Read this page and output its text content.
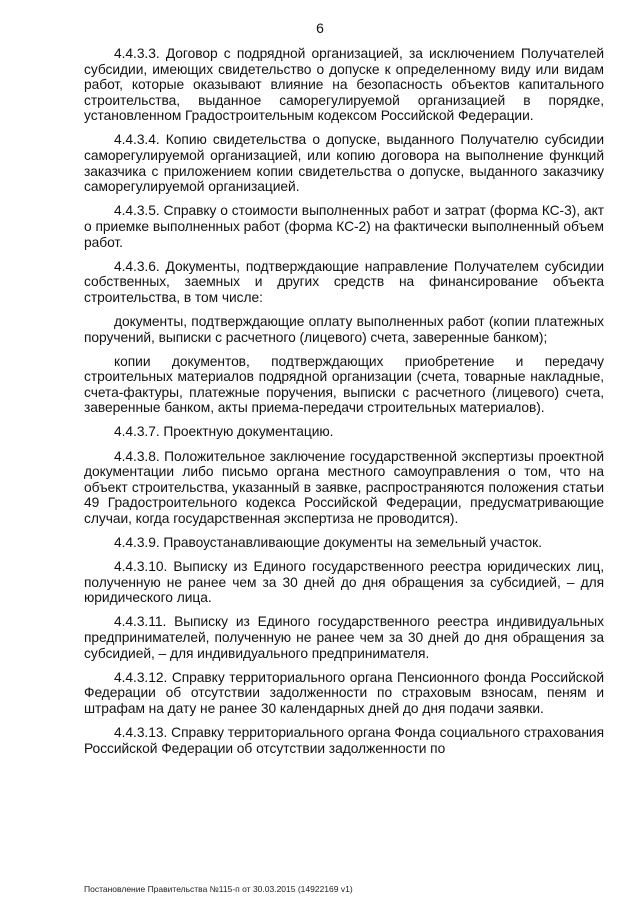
6

4.4.3.3. Договор с подрядной организацией, за исключением Получателей субсидии, имеющих свидетельство о допуске к определенному виду или видам работ, которые оказывают влияние на безопасность объектов капитального строительства, выданное саморегулируемой организацией в порядке, установленном Градостроительным кодексом Российской Федерации.

4.4.3.4. Копию свидетельства о допуске, выданного Получателю субсидии саморегулируемой организацией, или копию договора на выполнение функций заказчика с приложением копии свидетельства о допуске, выданного заказчику саморегулируемой организацией.

4.4.3.5. Справку о стоимости выполненных работ и затрат (форма КС-3), акт о приемке выполненных работ (форма КС-2) на фактически выполненный объем работ.

4.4.3.6. Документы, подтверждающие направление Получателем субсидии собственных, заемных и других средств на финансирование объекта строительства, в том числе:

документы, подтверждающие оплату выполненных работ (копии платежных поручений, выписки с расчетного (лицевого) счета, заверенные банком);

копии документов, подтверждающих приобретение и передачу строительных материалов подрядной организации (счета, товарные накладные, счета-фактуры, платежные поручения, выписки с расчетного (лицевого) счета, заверенные банком, акты приема-передачи строительных материалов).

4.4.3.7. Проектную документацию.

4.4.3.8. Положительное заключение государственной экспертизы проектной документации либо письмо органа местного самоуправления о том, что на объект строительства, указанный в заявке, распространяются положения статьи 49 Градостроительного кодекса Российской Федерации, предусматривающие случаи, когда государственная экспертиза не проводится).

4.4.3.9. Правоустанавливающие документы на земельный участок.

4.4.3.10. Выписку из Единого государственного реестра юридических лиц, полученную не ранее чем за 30 дней до дня обращения за субсидией, – для юридического лица.

4.4.3.11. Выписку из Единого государственного реестра индивидуальных предпринимателей, полученную не ранее чем за 30 дней до дня обращения за субсидией, – для индивидуального предпринимателя.

4.4.3.12. Справку территориального органа Пенсионного фонда Российской Федерации об отсутствии задолженности по страховым взносам, пеням и штрафам на дату не ранее 30 календарных дней до дня подачи заявки.

4.4.3.13. Справку территориального органа Фонда социального страхования Российской Федерации об отсутствии задолженности по

Постановление Правительства №115-п от 30.03.2015 (14922169 v1)
